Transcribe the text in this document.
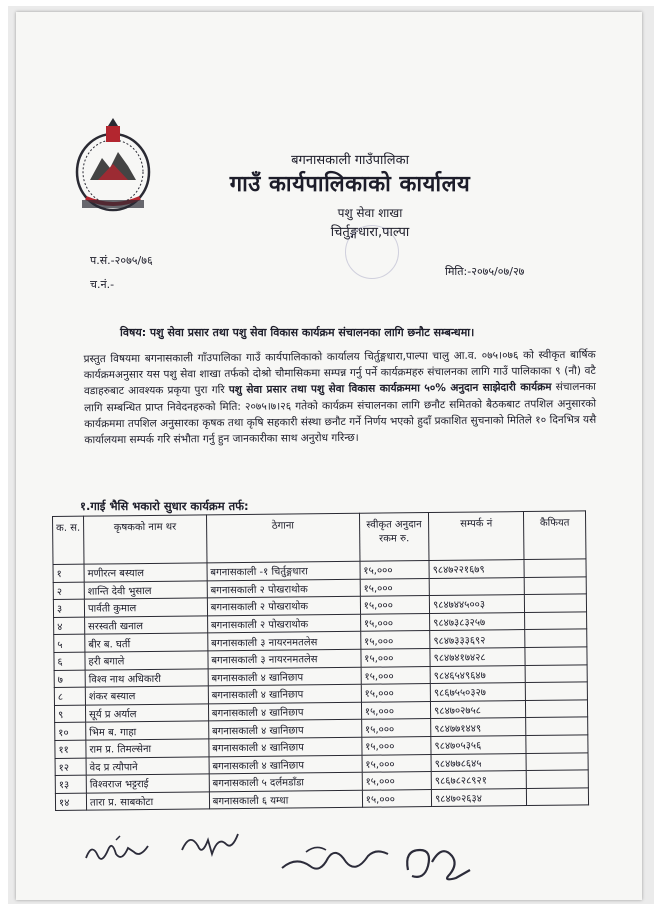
बगनासकाली गाउँपालिका
गाउँ कार्यपालिकाको कार्यालय
पशु सेवा शाखा
चिर्तुङ्गधारा,पाल्पा
प.सं.-२०७५/७६
च.नं.-
मिति:-२०७५/०७/२७
विषय: पशु सेवा प्रसार तथा पशु सेवा विकास कार्यक्रम संचालनका लागि छनौट सम्बन्धमा।
प्रस्तुत विषयमा बगनासकाली गाँउपालिका गाउँ कार्यपालिकाको कार्यालय चिर्तुङ्गधारा,पाल्पा चालु आ.व. ०७५।०७६ को स्वीकृत बार्षिक कार्यक्रमअनुसार यस पशु सेवा शाखा तर्फको दोश्रो चौमासिकमा सम्पन्न गर्नु पर्ने कार्यक्रमहरु संचालनका लागि गाउँ पालिकाका ९ (नौ) वटै वडाहरुबाट आवश्यक प्रकृया पुरा गरि पशु सेवा प्रसार तथा पशु सेवा विकास कार्यक्रममा ५०% अनुदान साझेदारी कार्यक्रम संचालनका लागि सम्बन्धित प्राप्त निवेदनहरुको मिति: २०७५।७।२६ गतेको कार्यक्रम संचालनका लागि छनौट समितको बैठकबाट तपशिल अनुसारको कार्यक्रममा तपशिल अनुसारका कृषक तथा कृषि सहकारी संस्था छनौट गर्ने निर्णय भएको हुदाँ प्रकाशित सुचनाको मितिले १० दिनभित्र यसै कार्यालयमा सम्पर्क गरि संभौता गर्नु हुन जानकारीका साथ अनुरोध गरिन्छ।
१.गाई भैसि भकारो सुधार कार्यक्रम तर्फ:
क. स.	कृषकको नाम थर	ठेगाना	स्वीकृत अनुदान रकम रु.	सम्पर्क नं	कैफियत
१	मणीरत्न बस्याल	बगनासकाली -१ चिर्तुङ्गधारा	१५,०००	९८४७२२१६७९	
२	शान्ति देवी भुसाल	बगनासकाली २ पोखराथोक	१५,०००		
३	पार्वती कुमाल	बगनासकाली २ पोखराथोक	१५,०००	९८४७४४५००३	
४	सरस्वती खनाल	बगनासकाली २ पोखराथोक	१५,०००	९८४७३८३२५७	
५	बीर ब. घर्ती	बगनासकाली ३ नायरनमतलेस	१५,०००	९८४७३३३६९२	
६	हरी बगाले	बगनासकाली ३ नायरनमतलेस	१५,०००	९८४७४१७४२८	
७	विश्व नाथ अधिकारी	बगनासकाली ४ खानिछाप	१५,०००	९८४६५४९६४७	
८	शंकर बस्याल	बगनासकाली ४ खानिछाप	१५,०००	९८६७५५०३२७	
९	सूर्य प्र अर्याल	बगनासकाली ४ खानिछाप	१५,०००	९८४७०२७५८	
१०	भिम ब. गाहा	बगनासकाली ४ खानिछाप	१५,०००	९८४७७१४४९	
११	राम प्र. तिमल्सेना	बगनासकाली ४ खानिछाप	१५,०००	९८४७०५३५६	
१२	वेद प्र त्यौपाने	बगनासकाली ४ खानिछाप	१५,०००	९८४७७८६४५	
१३	विश्वराज भट्टराई	बगनासकाली ५ दर्लमडाँडा	१५,०००	९८६७८२८९२१	
१४	तारा प्र. साबकोटा	बगनासकाली ६ यम्धा	१५,०००	९८४७०२६३४	
